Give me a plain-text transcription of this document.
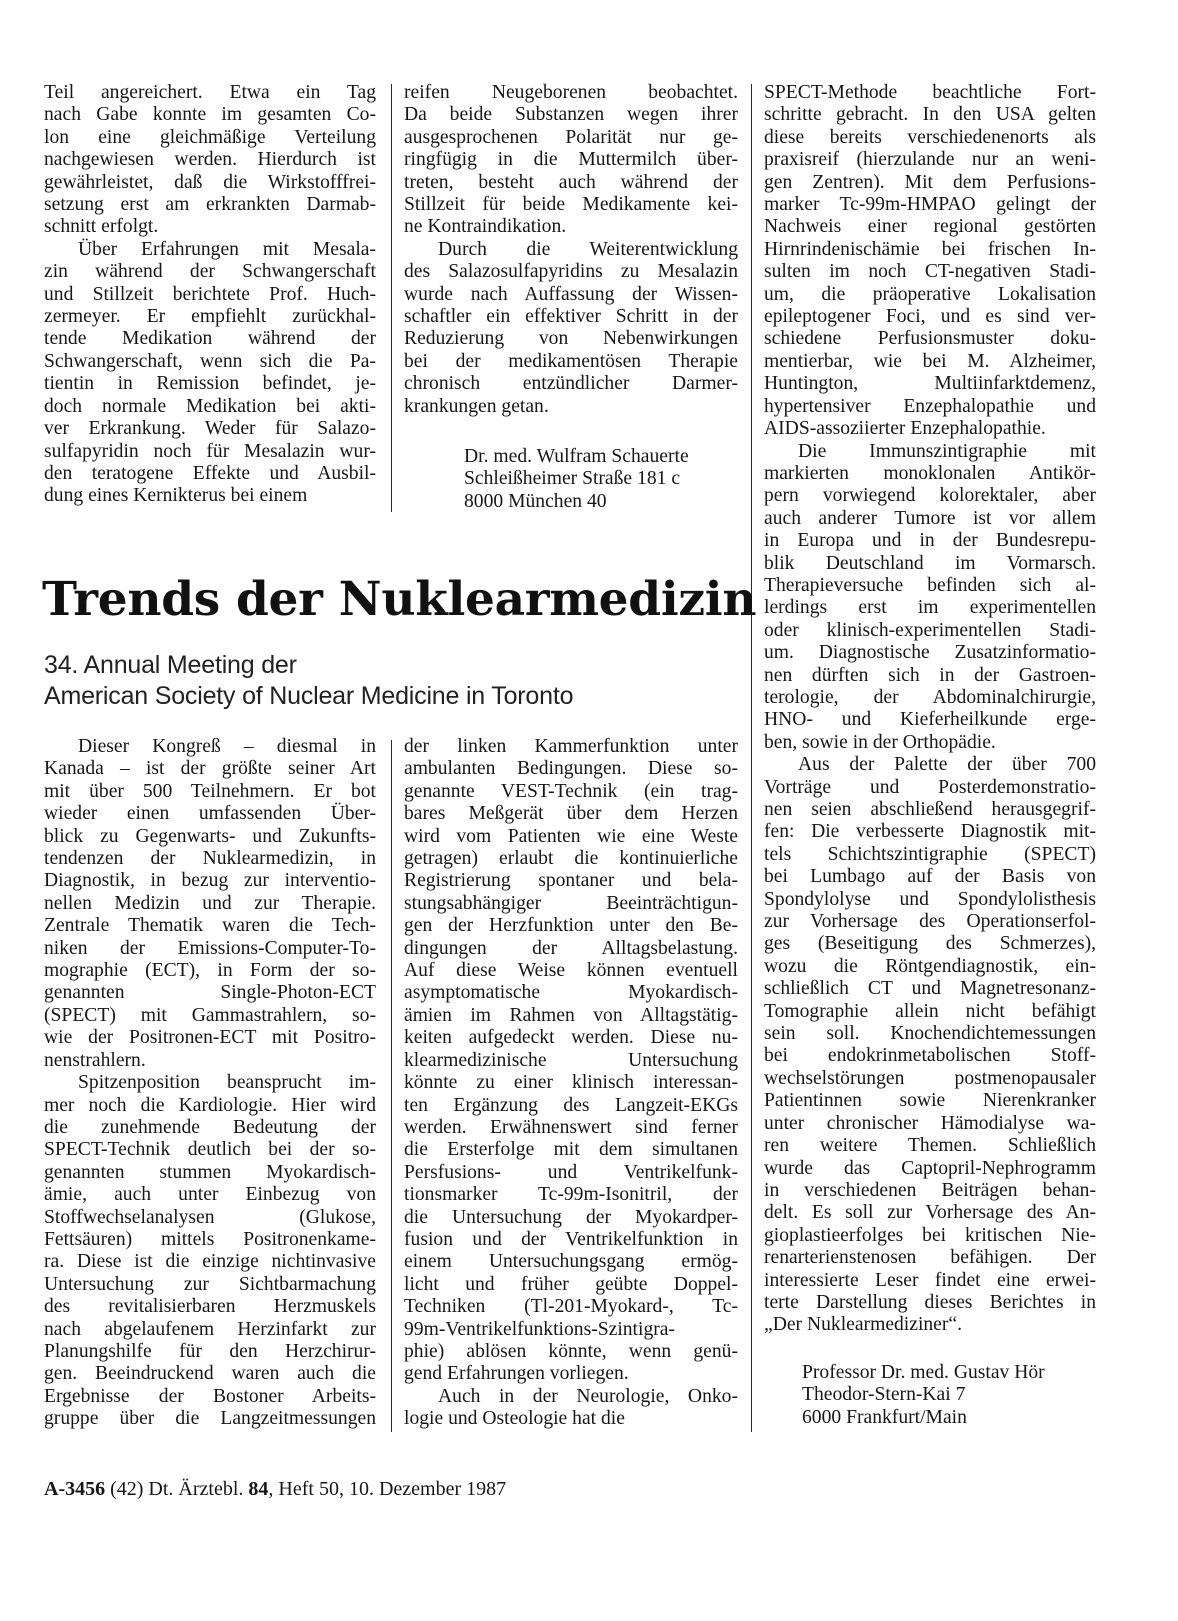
Teil angereichert. Etwa ein Tag
nach Gabe konnte im gesamten Co-
lon eine gleichmäßige Verteilung
nachgewiesen werden. Hierdurch ist
gewährleistet, daß die Wirkstofffrei-
setzung erst am erkrankten Darmab-
schnitt erfolgt.
Über Erfahrungen mit Mesala-
zin während der Schwangerschaft
und Stillzeit berichtete Prof. Huch-
zermeyer. Er empfiehlt zurückhal-
tende Medikation während der
Schwangerschaft, wenn sich die Pa-
tientin in Remission befindet, je-
doch normale Medikation bei akti-
ver Erkrankung. Weder für Salazo-
sulfapyridin noch für Mesalazin wur-
den teratogene Effekte und Ausbil-
dung eines Kernikterus bei einem
reifen Neugeborenen beobachtet.
Da beide Substanzen wegen ihrer
ausgesprochenen Polarität nur ge-
ringfügig in die Muttermilch über-
treten, besteht auch während der
Stillzeit für beide Medikamente kei-
ne Kontraindikation.
Durch die Weiterentwicklung
des Salazosulfapyridins zu Mesalazin
wurde nach Auffassung der Wissen-
schaftler ein effektiver Schritt in der
Reduzierung von Nebenwirkungen
bei der medikamentösen Therapie
chronisch entzündlicher Darmer-
krankungen getan.
Dr. med. Wulfram Schauerte
Schleißheimer Straße 181 c
8000 München 40
Trends der Nuklearmedizin
34. Annual Meeting der
American Society of Nuclear Medicine in Toronto
Dieser Kongreß – diesmal in
Kanada – ist der größte seiner Art
mit über 500 Teilnehmern. Er bot
wieder einen umfassenden Über-
blick zu Gegenwarts- und Zukunfts-
tendenzen der Nuklearmedizin, in
Diagnostik, in bezug zur interventio-
nellen Medizin und zur Therapie.
Zentrale Thematik waren die Tech-
niken der Emissions-Computer-To-
mographie (ECT), in Form der so-
genannten Single-Photon-ECT
(SPECT) mit Gammastrahlern, so-
wie der Positronen-ECT mit Positro-
nenstrahlern.
Spitzenposition beansprucht im-
mer noch die Kardiologie. Hier wird
die zunehmende Bedeutung der
SPECT-Technik deutlich bei der so-
genannten stummen Myokardisch-
ämie, auch unter Einbezug von
Stoffwechselanalysen (Glukose,
Fettsäuren) mittels Positronenkame-
ra. Diese ist die einzige nichtinvasive
Untersuchung zur Sichtbarmachung
des revitalisierbaren Herzmuskels
nach abgelaufenem Herzinfarkt zur
Planungshilfe für den Herzchirur-
gen. Beeindruckend waren auch die
Ergebnisse der Bostoner Arbeits-
gruppe über die Langzeitmessungen
der linken Kammerfunktion unter
ambulanten Bedingungen. Diese so-
genannte VEST-Technik (ein trag-
bares Meßgerät über dem Herzen
wird vom Patienten wie eine Weste
getragen) erlaubt die kontinuierliche
Registrierung spontaner und bela-
stungsabhängiger Beeinträchtigun-
gen der Herzfunktion unter den Be-
dingungen der Alltagsbelastung.
Auf diese Weise können eventuell
asymptomatische Myokardisch-
ämien im Rahmen von Alltagstätig-
keiten aufgedeckt werden. Diese nu-
klearmedizinische Untersuchung
könnte zu einer klinisch interessan-
ten Ergänzung des Langzeit-EKGs
werden. Erwähnenswert sind ferner
die Ersterfolge mit dem simultanen
Persfusions- und Ventrikelfunk-
tionsmarker Tc-99m-Isonitril, der
die Untersuchung der Myokardper-
fusion und der Ventrikelfunktion in
einem Untersuchungsgang ermög-
licht und früher geübte Doppel-
Techniken (Tl-201-Myokard-, Tc-
99m-Ventrikelfunktions-Szintigra-
phie) ablösen könnte, wenn genü-
gend Erfahrungen vorliegen.
Auch in der Neurologie, Onko-
logie und Osteologie hat die
SPECT-Methode beachtliche Fort-
schritte gebracht. In den USA gelten
diese bereits verschiedenenorts als
praxisreif (hierzulande nur an weni-
gen Zentren). Mit dem Perfusions-
marker Tc-99m-HMPAO gelingt der
Nachweis einer regional gestörten
Hirnrindenischämie bei frischen In-
sulten im noch CT-negativen Stadi-
um, die präoperative Lokalisation
epileptogener Foci, und es sind ver-
schiedene Perfusionsmuster doku-
mentierbar, wie bei M. Alzheimer,
Huntington, Multiinfarktdemenz,
hypertensiver Enzephalopathie und
AIDS-assoziierter Enzephalopathie.
Die Immunszintigraphie mit
markierten monoklonalen Antikör-
pern vorwiegend kolorektaler, aber
auch anderer Tumore ist vor allem
in Europa und in der Bundesrepu-
blik Deutschland im Vormarsch.
Therapieversuche befinden sich al-
lerdings erst im experimentellen
oder klinisch-experimentellen Stadi-
um. Diagnostische Zusatzinformatio-
nen dürften sich in der Gastroen-
terologie, der Abdominalchirurgie,
HNO- und Kieferheilkunde erge-
ben, sowie in der Orthopädie.
Aus der Palette der über 700
Vorträge und Posterdemonstratio-
nen seien abschließend herausgegrif-
fen: Die verbesserte Diagnostik mit-
tels Schichtszintigraphie (SPECT)
bei Lumbago auf der Basis von
Spondylolyse und Spondylolisthesis
zur Vorhersage des Operationserfol-
ges (Beseitigung des Schmerzes),
wozu die Röntgendiagnostik, ein-
schließlich CT und Magnetresonanz-
Tomographie allein nicht befähigt
sein soll. Knochendichtemessungen
bei endokrinmetabolischen Stoff-
wechselstörungen postmenopausaler
Patientinnen sowie Nierenkranker
unter chronischer Hämodialyse wa-
ren weitere Themen. Schließlich
wurde das Captopril-Nephrogramm
in verschiedenen Beiträgen behan-
delt. Es soll zur Vorhersage des An-
gioplastieerfolges bei kritischen Nie-
renarterienstenosen befähigen. Der
interessierte Leser findet eine erwei-
terte Darstellung dieses Berichtes in
„Der Nuklearmediziner“.
Professor Dr. med. Gustav Hör
Theodor-Stern-Kai 7
6000 Frankfurt/Main
A-3456 (42) Dt. Ärztebl. 84, Heft 50, 10. Dezember 1987
